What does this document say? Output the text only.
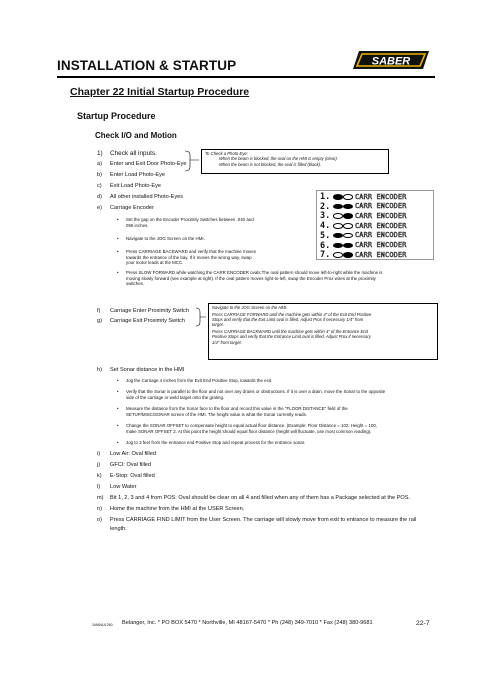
INSTALLATION & STARTUP	SABER
Chapter 22 Initial Startup Procedure
Startup Procedure
Check I/O and Motion
1) Check all inputs.
a) Enter and Exit Door Photo-Eye
b) Enter Load Photo-Eye
c) Exit Load Photo-Eye
d) All other installed Photo-Eyes
e) Carriage Encoder
To Check a Photo-Eye:
When the beam is blocked, the oval on the HMI is empty (clear).
When the beam is not blocked, the oval is filled (black).
• Set the gap on the Encoder Proximity Switches between .040 and
056 inches.
• Navigate to the JOG Screen on the HMI.
• Press CARRIAGE BACKWARD and verify that the machine moves
towards the entrance of the bay. If it moves the wrong way, swap
your motor leads at the MCC.
1.	CARR ENCODER
2.	CARR ENCODER
3.	CARR ENCODER
4.	CARR ENCODER
5.	CARR ENCODER
6.	CARR ENCODER
7.	CARR ENCODER
• Press SLOW FORWARD while watching the CARR ENCODER ovals.The oval pattern should move left-to-right while the machine is
moving slowly forward (see example at right). If the oval pattern moves right-to-left, swap the Encoder Prox wires at the proximity
switches.
f) Carriage Enter Proximity Switch
g) Carriage Exit Proximity Switch
Navigate to the JOG Screen on the HMI.
Press CARRIAGE FORWARD until the machine gets within 4" of the Exit End Positive
Stops and verify that the Exit Limit oval is filled. Adjust Prox if necessary 1/4" from
target.
Press CARRIAGE BACKWARD until the machine gets within 4" of the Entrance End
Positive Stops and verify that the Entrance Limit oval is filled. Adjust Prox if necessary
1/4" from target.
h) Set Sonar distance in the HMI
• Jog the Carriage 4 inches from the Exit End Positive Stop, towards the exit.
• Verify that the Sonar is parallel to the floor and not over any drains or obstructions. If it is over a drain, move the Sonar to the opposite
side of the carriage or weld target onto the grating.
• Measure the distance from the Sonar face to the floor and record this value in the "FLOOR DISTANCE" field of the
SETUP/MISC/SONAR screen of the HMI. The height value is what the Sonar currently reads.
• Change the SONAR OFFSET to compensate height to equal actual floor distance. (Example: Floor Distance = 102; Height = 100,
make SONAR OFFSET 2. At this point the height should equal floor distance (height will fluctuate, use most common reading).
• Jog to 3 feet from the entrance end Positive Stop and repeat process for the entrance sonar.
i) Low Air: Oval filled
j) GFCI: Oval filled
k) E-Stop: Oval filled
l) Low Water
m) Bit 1, 2, 3 and 4 from POS: Oval should be clear on all 4 and filled when any of them has a Package selected at the POS.
n) Home the machine from the HMI at the USER Screen.
o) Press CARRIAGE FIND LIMIT from the User Screen. The carriage will slowly move from exit to entrance to measure the rail
length.
1MANUL260 Belanger, Inc. * PO BOX 5470 * Northville, MI 48167-5470 * Ph (248) 349-7010 * Fax (248) 380-9681	22-7
